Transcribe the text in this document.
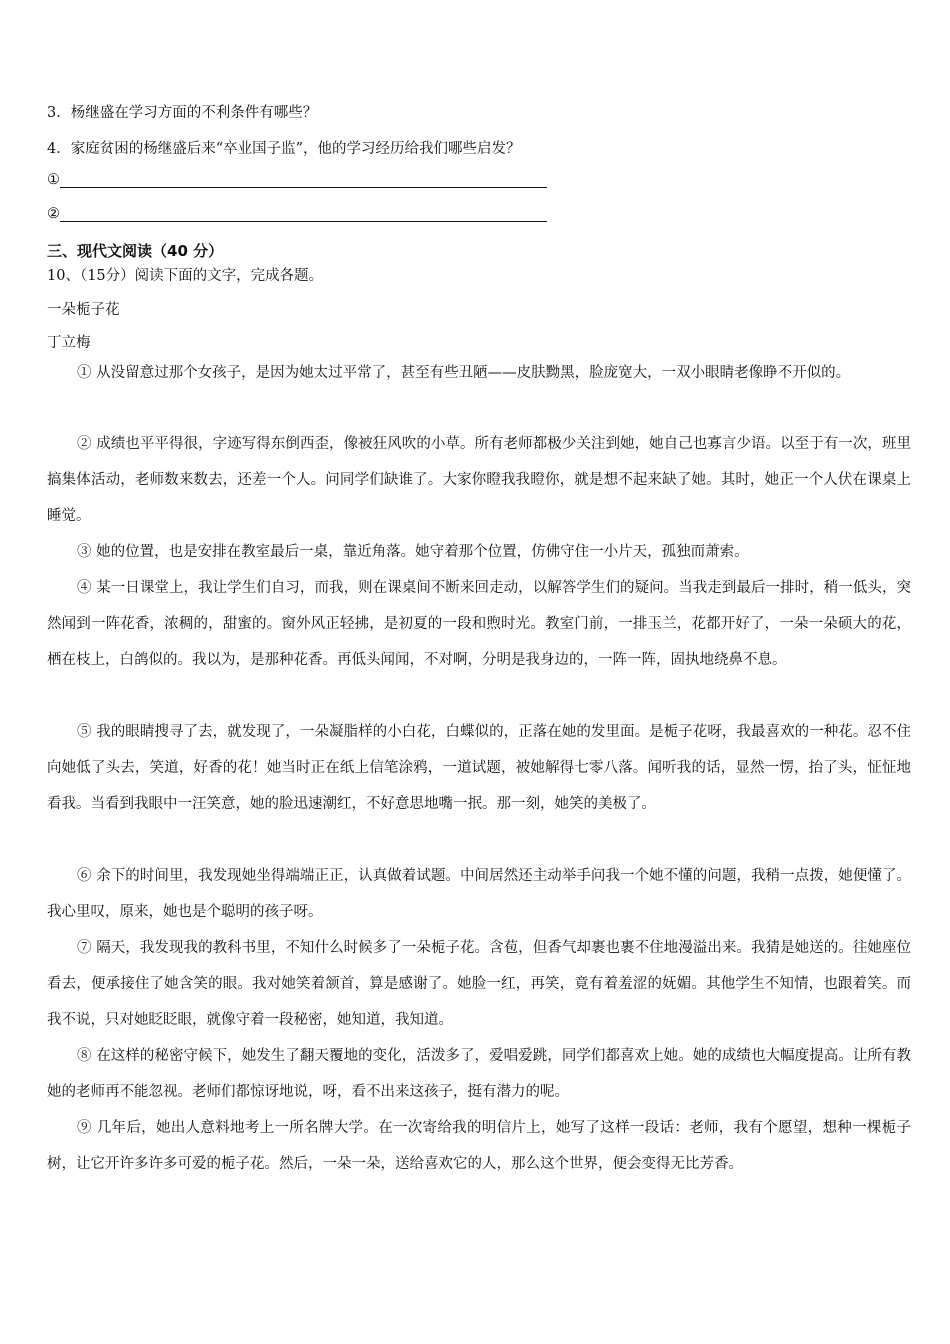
3．杨继盛在学习方面的不利条件有哪些？
4．家庭贫困的杨继盛后来“卒业国子监”，他的学习经历给我们哪些启发？
①
②
三、现代文阅读（40 分）
10、（15分）阅读下面的文字，完成各题。
一朵栀子花
丁立梅
① 从没留意过那个女孩子，是因为她太过平常了，甚至有些丑陋——皮肤黝黑，脸庞宽大，一双小眼睛老像睁不开似的。
② 成绩也平平得很，字迹写得东倒西歪，像被狂风吹的小草。所有老师都极少关注到她，她自己也寡言少语。以至于有一次，班里搞集体活动，老师数来数去，还差一个人。问同学们缺谁了。大家你瞪我我瞪你，就是想不起来缺了她。其时，她正一个人伏在课桌上睡觉。
③ 她的位置，也是安排在教室最后一桌，靠近角落。她守着那个位置，仿佛守住一小片天，孤独而萧索。
④ 某一日课堂上，我让学生们自习，而我，则在课桌间不断来回走动，以解答学生们的疑问。当我走到最后一排时，稍一低头，突然闻到一阵花香，浓稠的，甜蜜的。窗外风正轻拂，是初夏的一段和煦时光。教室门前，一排玉兰，花都开好了，一朵一朵硕大的花，栖在枝上，白鸽似的。我以为，是那种花香。再低头闻闻，不对啊，分明是我身边的，一阵一阵，固执地绕鼻不息。
⑤ 我的眼睛搜寻了去，就发现了，一朵凝脂样的小白花，白蝶似的，正落在她的发里面。是栀子花呀，我最喜欢的一种花。忍不住向她低了头去，笑道，好香的花！她当时正在纸上信笔涂鸦，一道试题，被她解得七零八落。闻听我的话，显然一愣，抬了头，怔怔地看我。当看到我眼中一汪笑意，她的脸迅速潮红，不好意思地嘴一抿。那一刻，她笑的美极了。
⑥ 余下的时间里，我发现她坐得端端正正，认真做着试题。中间居然还主动举手问我一个她不懂的问题，我稍一点拨，她便懂了。我心里叹，原来，她也是个聪明的孩子呀。
⑦ 隔天，我发现我的教科书里，不知什么时候多了一朵栀子花。含苞，但香气却裹也裹不住地漫溢出来。我猜是她送的。往她座位看去，便承接住了她含笑的眼。我对她笑着颔首，算是感谢了。她脸一红，再笑，竟有着羞涩的妩媚。其他学生不知情，也跟着笑。而我不说，只对她眨眨眼，就像守着一段秘密，她知道，我知道。
⑧ 在这样的秘密守候下，她发生了翻天覆地的变化，活泼多了，爱唱爱跳，同学们都喜欢上她。她的成绩也大幅度提高。让所有教她的老师再不能忽视。老师们都惊讶地说，呀，看不出来这孩子，挺有潜力的呢。
⑨ 几年后，她出人意料地考上一所名牌大学。在一次寄给我的明信片上，她写了这样一段话：老师，我有个愿望，想种一棵栀子树，让它开许多许多可爱的栀子花。然后，一朵一朵，送给喜欢它的人，那么这个世界，便会变得无比芳香。
